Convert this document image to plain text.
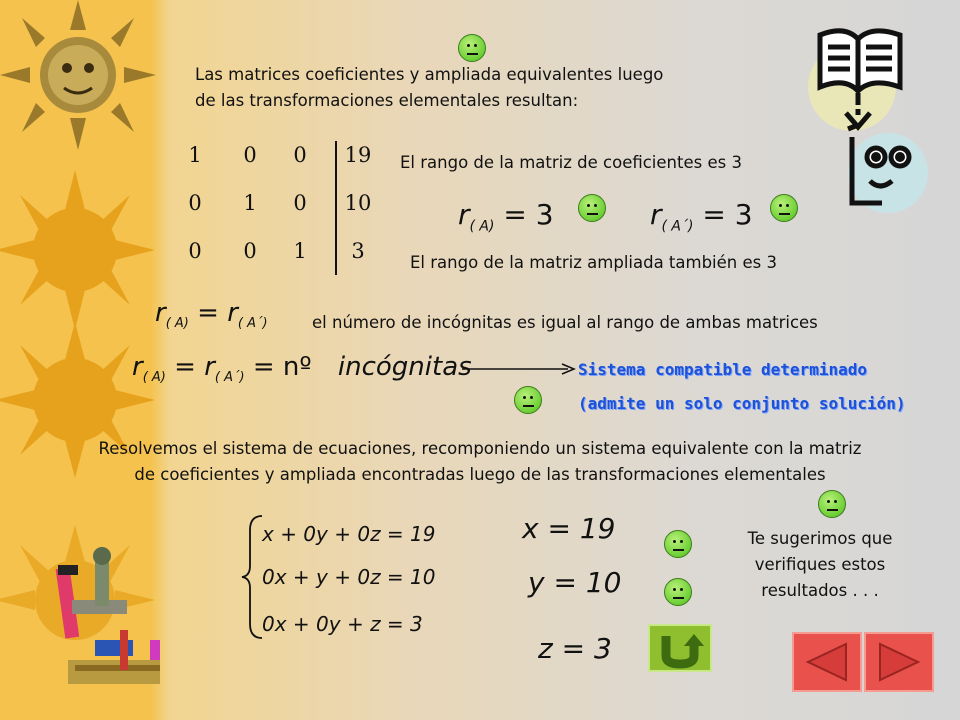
Las matrices coeficientes y ampliada equivalentes luego
de las transformaciones elementales resultan:
1	0	0	19
0	1	0	10
0	0	1	3
El rango de la matriz de coeficientes es 3
$r_{( A)} = 3$	$r_{( A´)} = 3$
El rango de la matriz ampliada también es 3
$r_{( A)} = r_{( A´)}$	el número de incógnitas es igual al rango de ambas matrices
$r_{( A)} = r_{( A´)}$ = nº incógnitas	Sistema compatible determinado
(admite un solo conjunto solución)
Resolvemos el sistema de ecuaciones, recomponiendo un sistema equivalente con la matriz
de coeficientes y ampliada encontradas luego de las transformaciones elementales
x + 0y + 0z = 19
0x + y + 0z = 10
0x + 0y + z = 3
x = 19
y = 10
z = 3
Te sugerimos que
verifiques estos
resultados . . .
